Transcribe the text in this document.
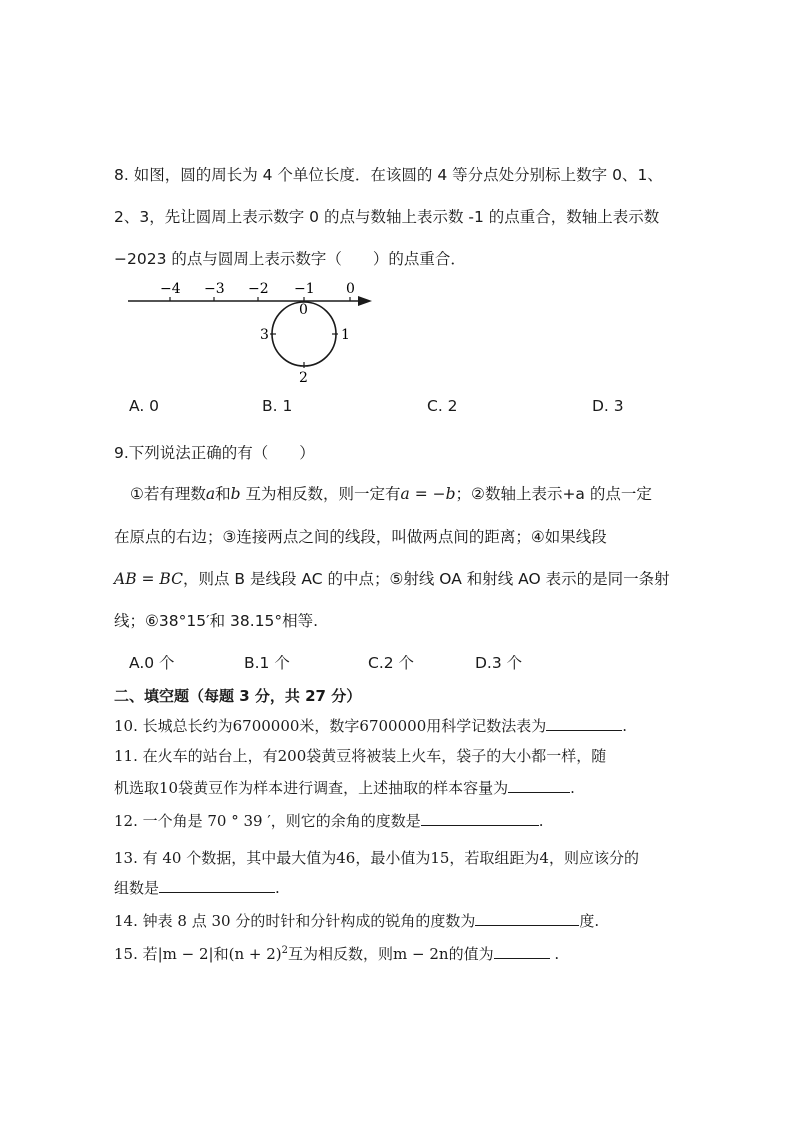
8. 如图，圆的周长为 4 个单位长度．在该圆的 4 等分点处分别标上数字 0、1、
2、3，先让圆周上表示数字 0 的点与数轴上表示数 -1 的点重合，数轴上表示数
−2023 的点与圆周上表示数字（　　）的点重合．
−4 −3 −2 −1 0
0
1
2
3
A. 0	B. 1	C. 2	D. 3
9.下列说法正确的有（　　）
①若有理数a和b 互为相反数，则一定有a = −b；②数轴上表示+a 的点一定
在原点的右边；③连接两点之间的线段，叫做两点间的距离；④如果线段
AB = BC，则点 B 是线段 AC 的中点；⑤射线 OA 和射线 AO 表示的是同一条射
线；⑥38°15′和 38.15°相等.
A.0 个	B.1 个	C.2 个	D.3 个
二、填空题（每题 3 分，共 27 分）
10. 长城总长约为6700000米，数字6700000用科学记数法表为	.
11. 在火车的站台上，有200袋黄豆将被装上火车，袋子的大小都一样，随
机选取10袋黄豆作为样本进行调查，上述抽取的样本容量为	.
12. 一个角是 70 ° 39 ′，则它的余角的度数是	.
13. 有 40 个数据，其中最大值为46，最小值为15，若取组距为4，则应该分的
组数是	.
14. 钟表 8 点 30 分的时针和分针构成的锐角的度数为	度.
15. 若|m − 2|和$(n + 2)^2$互为相反数，则m − 2n的值为	.
